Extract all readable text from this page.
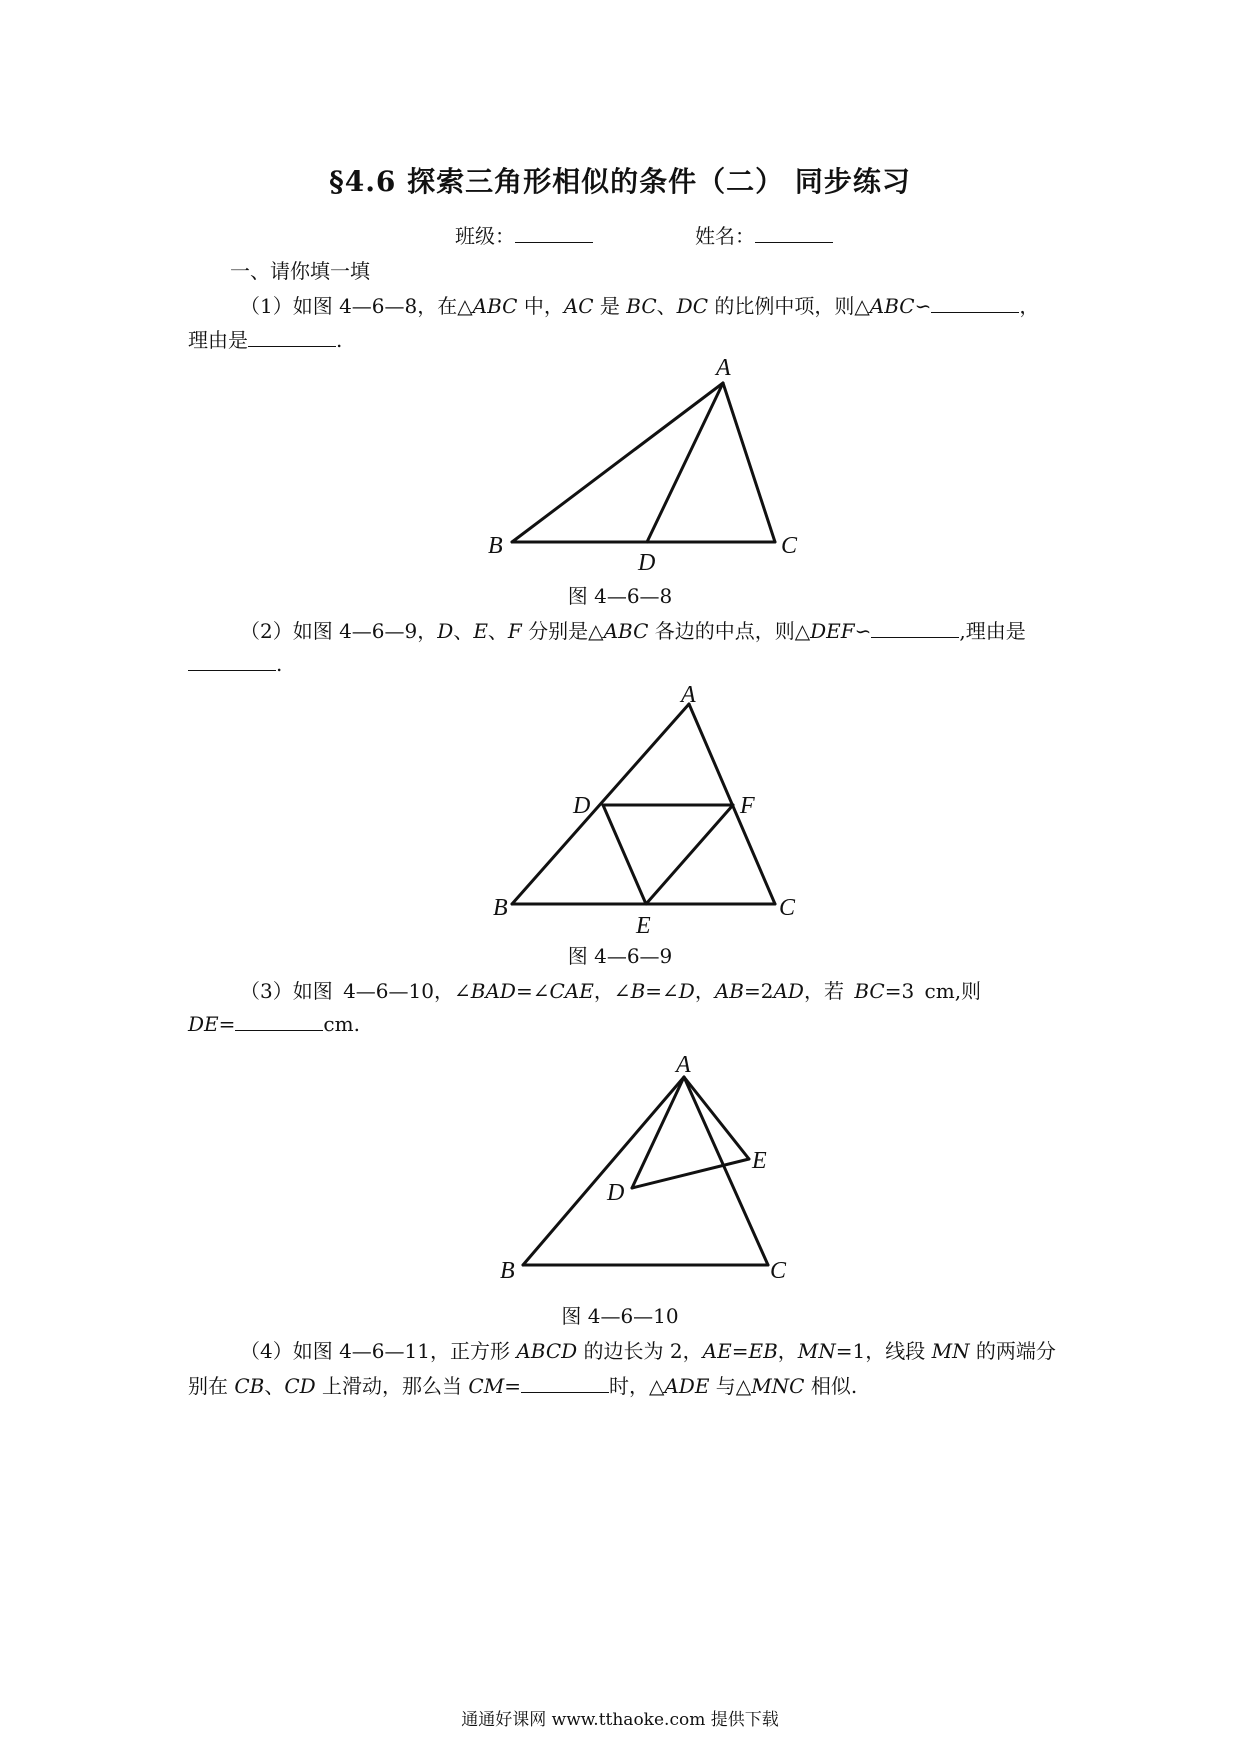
§4.6 探索三角形相似的条件（二） 同步练习
班级：	姓名：
一、请你填一填
（1）如图 4—6—8，在△ABC 中，AC 是 BC、DC 的比例中项，则△ABC∽	，
理由是	.
A
B	C
D
图 4—6—8
（2）如图 4—6—9，D、E、F 分别是△ABC 各边的中点，则△DEF∽	,理由是
.
A
B	C
D
E
F
图 4—6—9
（3）如图 4—6—10，∠BAD=∠CAE，∠B=∠D，AB=2AD，若 BC=3 cm,则
DE=	cm.
A
B	C
D
E
图 4—6—10
（4）如图 4—6—11，正方形 ABCD 的边长为 2，AE=EB，MN=1，线段 MN 的两端分
别在 CB、CD 上滑动，那么当 CM=	时，△ADE 与△MNC 相似.
通通好课网 www.tthaoke.com 提供下载
